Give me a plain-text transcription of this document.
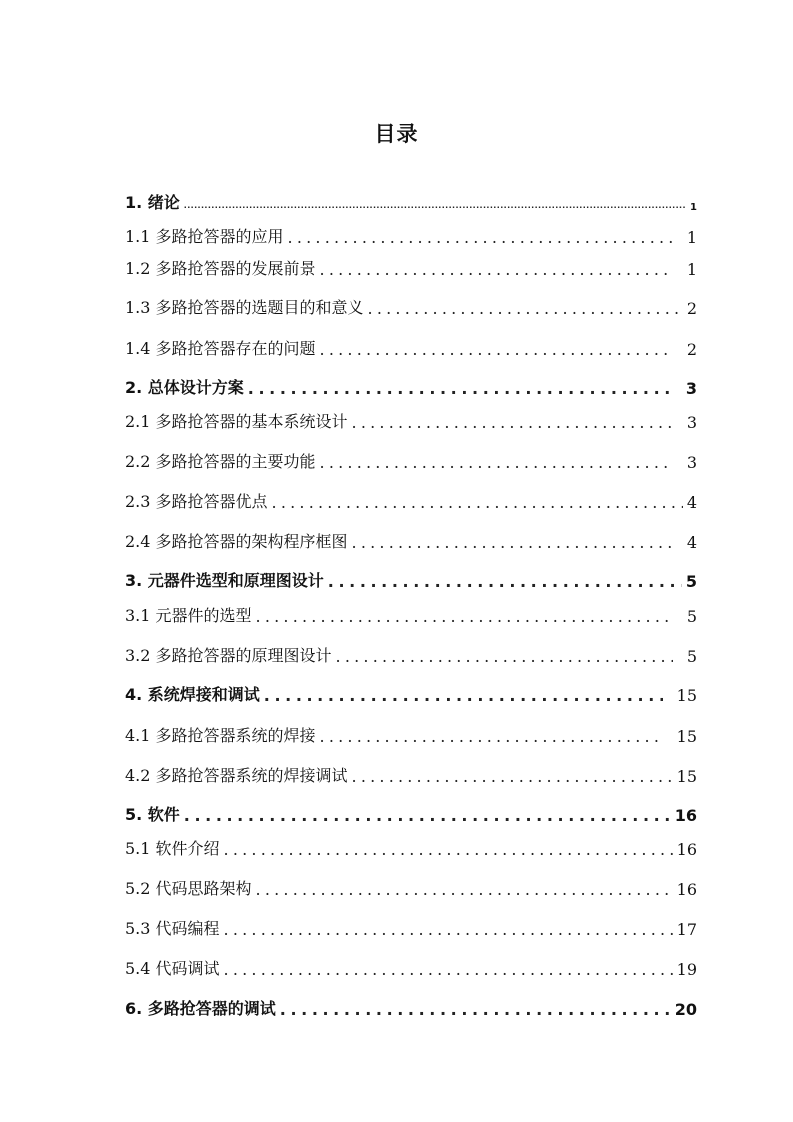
目录
1. 绪论 .....	1
1.1 多路抢答器的应用 .....	1
1.2 多路抢答器的发展前景 .....	1
1.3 多路抢答器的选题目的和意义 .....	2
1.4 多路抢答器存在的问题 .....	2
2. 总体设计方案 .....	3
2.1 多路抢答器的基本系统设计 .....	3
2.2 多路抢答器的主要功能 .....	3
2.3 多路抢答器优点 .....	4
2.4 多路抢答器的架构程序框图 .....	4
3. 元器件选型和原理图设计 .....	5
3.1 元器件的选型 .....	5
3.2 多路抢答器的原理图设计 .....	5
4. 系统焊接和调试 .....	15
4.1 多路抢答器系统的焊接 .....	15
4.2 多路抢答器系统的焊接调试 .....	15
5. 软件 .....	16
5.1 软件介绍 .....	16
5.2 代码思路架构 .....	16
5.3 代码编程 .....	17
5.4 代码调试 .....	19
6. 多路抢答器的调试 .....	20
